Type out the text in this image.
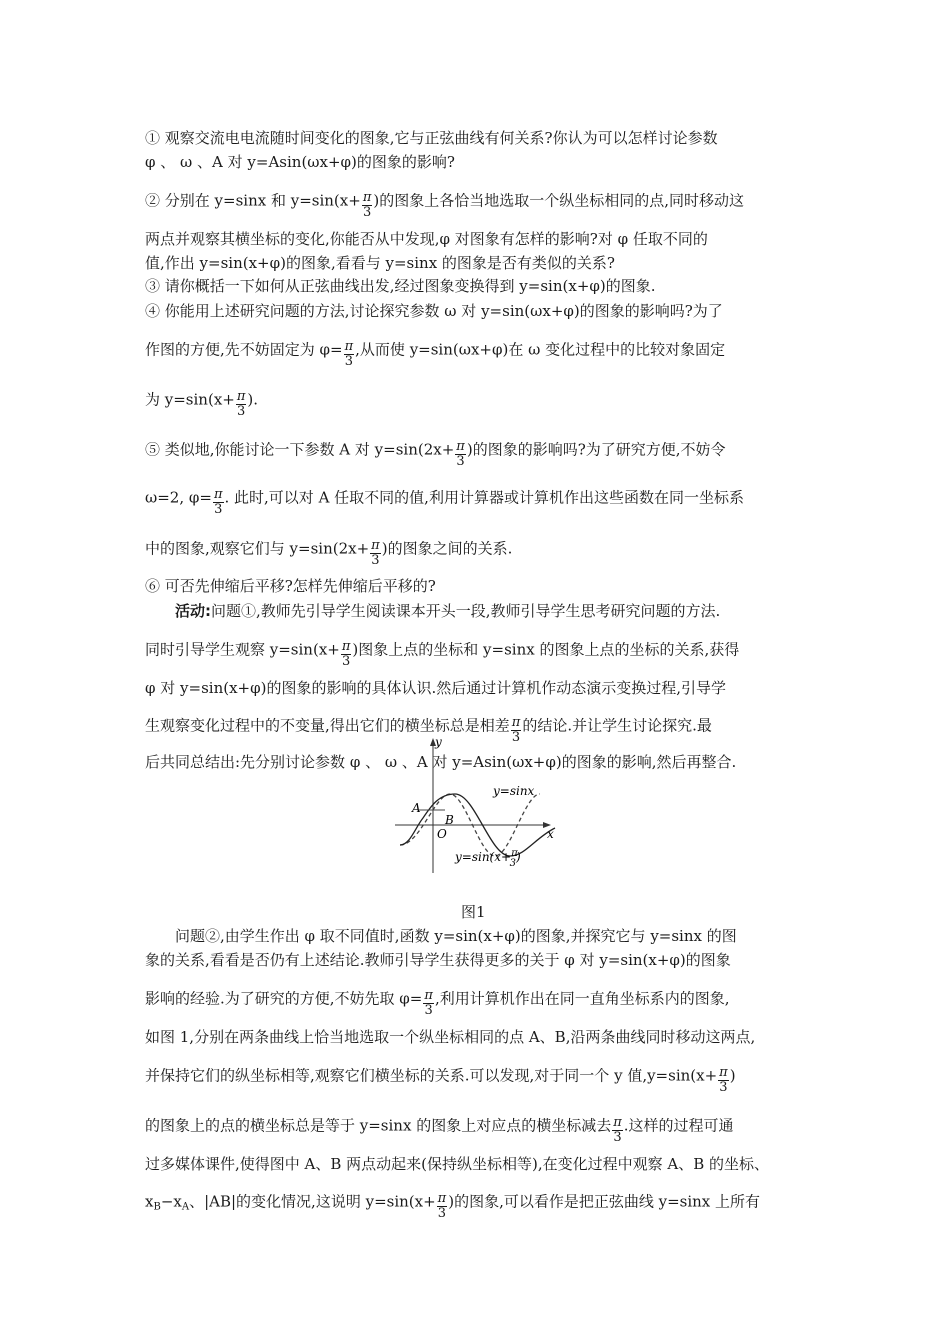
① 观察交流电电流随时间变化的图象,它与正弦曲线有何关系?你认为可以怎样讨论参数
φ 、 ω 、A 对 y=Asin(ωx+φ)的图象的影响?
② 分别在 y=sinx 和 $y=\sin(x+ \frac{\pi}{3}$ )的图象上各恰当地选取一个纵坐标相同的点,同时移动这
两点并观察其横坐标的变化,你能否从中发现,φ 对图象有怎样的影响?对 φ 任取不同的
值,作出 y=sin(x+φ)的图象,看看与 y=sinx 的图象是否有类似的关系?
③ 请你概括一下如何从正弦曲线出发,经过图象变换得到 y=sin(x+φ)的图象.
④ 你能用上述研究问题的方法,讨论探究参数 ω 对 y=sin(ωx+φ)的图象的影响吗?为了
作图的方便,先不妨固定为 $\varphi= \frac{\pi}{3}$ ,从而使 y=sin(ωx+φ)在 ω 变化过程中的比较对象固定
为 $y=\sin(x+ \frac{\pi}{3}$ ).
⑤ 类似地,你能讨论一下参数 A 对 $y=\sin(2x+ \frac{\pi}{3}$ )的图象的影响吗?为了研究方便,不妨令
ω=2, $\varphi= \frac{\pi}{3}$ . 此时,可以对 A 任取不同的值,利用计算器或计算机作出这些函数在同一坐标系
中的图象,观察它们与 $y=\sin(2x+ \frac{\pi}{3}$ )的图象之间的关系.
⑥ 可否先伸缩后平移?怎样先伸缩后平移的?
活动:问题①,教师先引导学生阅读课本开头一段,教师引导学生思考研究问题的方法.
同时引导学生观察 $y=\sin(x+ \frac{\pi}{3}$ )图象上点的坐标和 y=sinx 的图象上点的坐标的关系,获得
φ 对 y=sin(x+φ)的图象的影响的具体认识.然后通过计算机作动态演示变换过程,引导学
生观察变化过程中的不变量,得出它们的横坐标总是相差 $\frac{\pi}{3}$ 的结论.并让学生讨论探究.最
后共同总结出:先分别讨论参数 φ 、 ω 、A 对 y=Asin(ωx+φ)的图象的影响,然后再整合.
y
x
O
A
B
y=sinx
y=sin(x+$^\pi$ 3)
图1
问题②,由学生作出 φ 取不同值时,函数 y=sin(x+φ)的图象,并探究它与 y=sinx 的图
象的关系,看看是否仍有上述结论.教师引导学生获得更多的关于 φ 对 y=sin(x+φ)的图象
影响的经验.为了研究的方便,不妨先取 $\varphi= \frac{\pi}{3}$ ,利用计算机作出在同一直角坐标系内的图象,
如图 1,分别在两条曲线上恰当地选取一个纵坐标相同的点 A、B,沿两条曲线同时移动这两点,
并保持它们的纵坐标相等,观察它们横坐标的关系.可以发现,对于同一个 y 值$,y=\sin(x+ \frac{\pi}{3}$ )
的图象上的点的横坐标总是等于 y=sinx 的图象上对应点的横坐标减去 $\frac{\pi}{3}$ .这样的过程可通
过多媒体课件,使得图中 A、B 两点动起来(保持纵坐标相等),在变化过程中观察 A、B 的坐标、
$x_B-x_A$、|AB|的变化情况,这说明 $y=\sin(x+ \frac{\pi}{3}$ )的图象,可以看作是把正弦曲线 y=sinx 上所有
